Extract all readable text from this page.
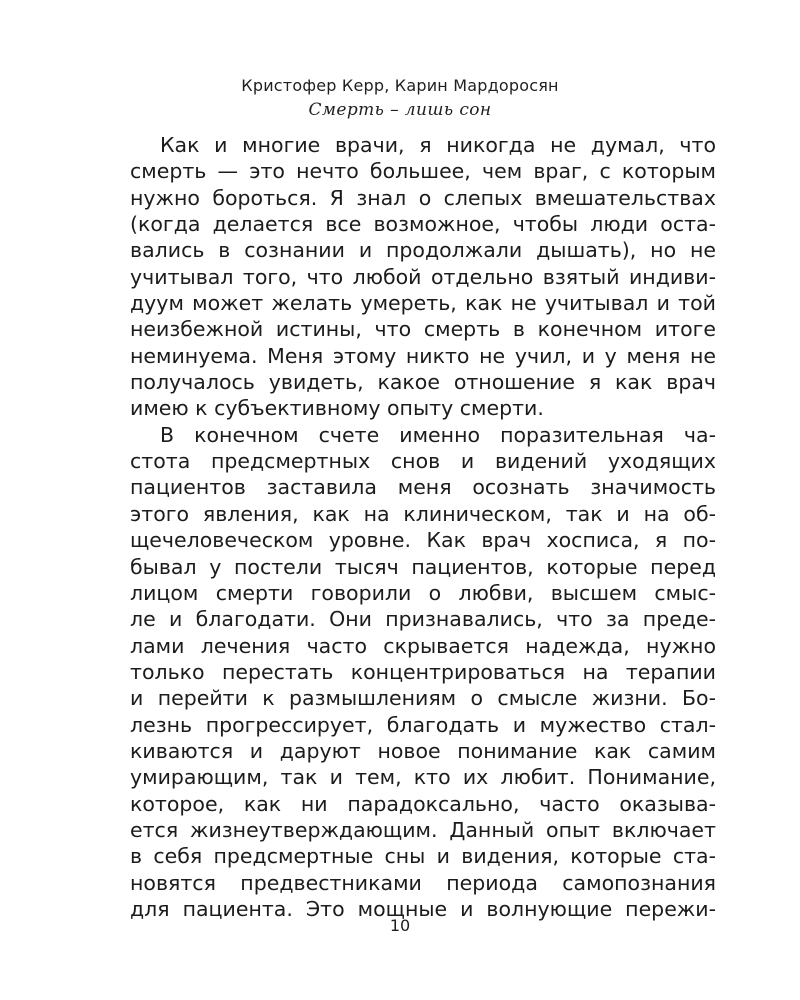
Кристофер Керр, Карин Мардоросян
Смерть – лишь сон

Как и многие врачи, я никогда не думал, что
смерть — это нечто большее, чем враг, с которым
нужно бороться. Я знал о слепых вмешательствах
(когда делается все возможное, чтобы люди оста-
вались в сознании и продолжали дышать), но не
учитывал того, что любой отдельно взятый индиви-
дуум может желать умереть, как не учитывал и той
неизбежной истины, что смерть в конечном итоге
неминуема. Меня этому никто не учил, и у меня не
получалось увидеть, какое отношение я как врач
имею к субъективному опыту смерти.

В конечном счете именно поразительная ча-
стота предсмертных снов и видений уходящих
пациентов заставила меня осознать значимость
этого явления, как на клиническом, так и на об-
щечеловеческом уровне. Как врач хосписа, я по-
бывал у постели тысяч пациентов, которые перед
лицом смерти говорили о любви, высшем смыс-
ле и благодати. Они признавались, что за преде-
лами лечения часто скрывается надежда, нужно
только перестать концентрироваться на терапии
и перейти к размышлениям о смысле жизни. Бо-
лезнь прогрессирует, благодать и мужество стал-
киваются и даруют новое понимание как самим
умирающим, так и тем, кто их любит. Понимание,
которое, как ни парадоксально, часто оказыва-
ется жизнеутверждающим. Данный опыт включает
в себя предсмертные сны и видения, которые ста-
новятся предвестниками периода самопознания
для пациента. Это мощные и волнующие пережи-

10
